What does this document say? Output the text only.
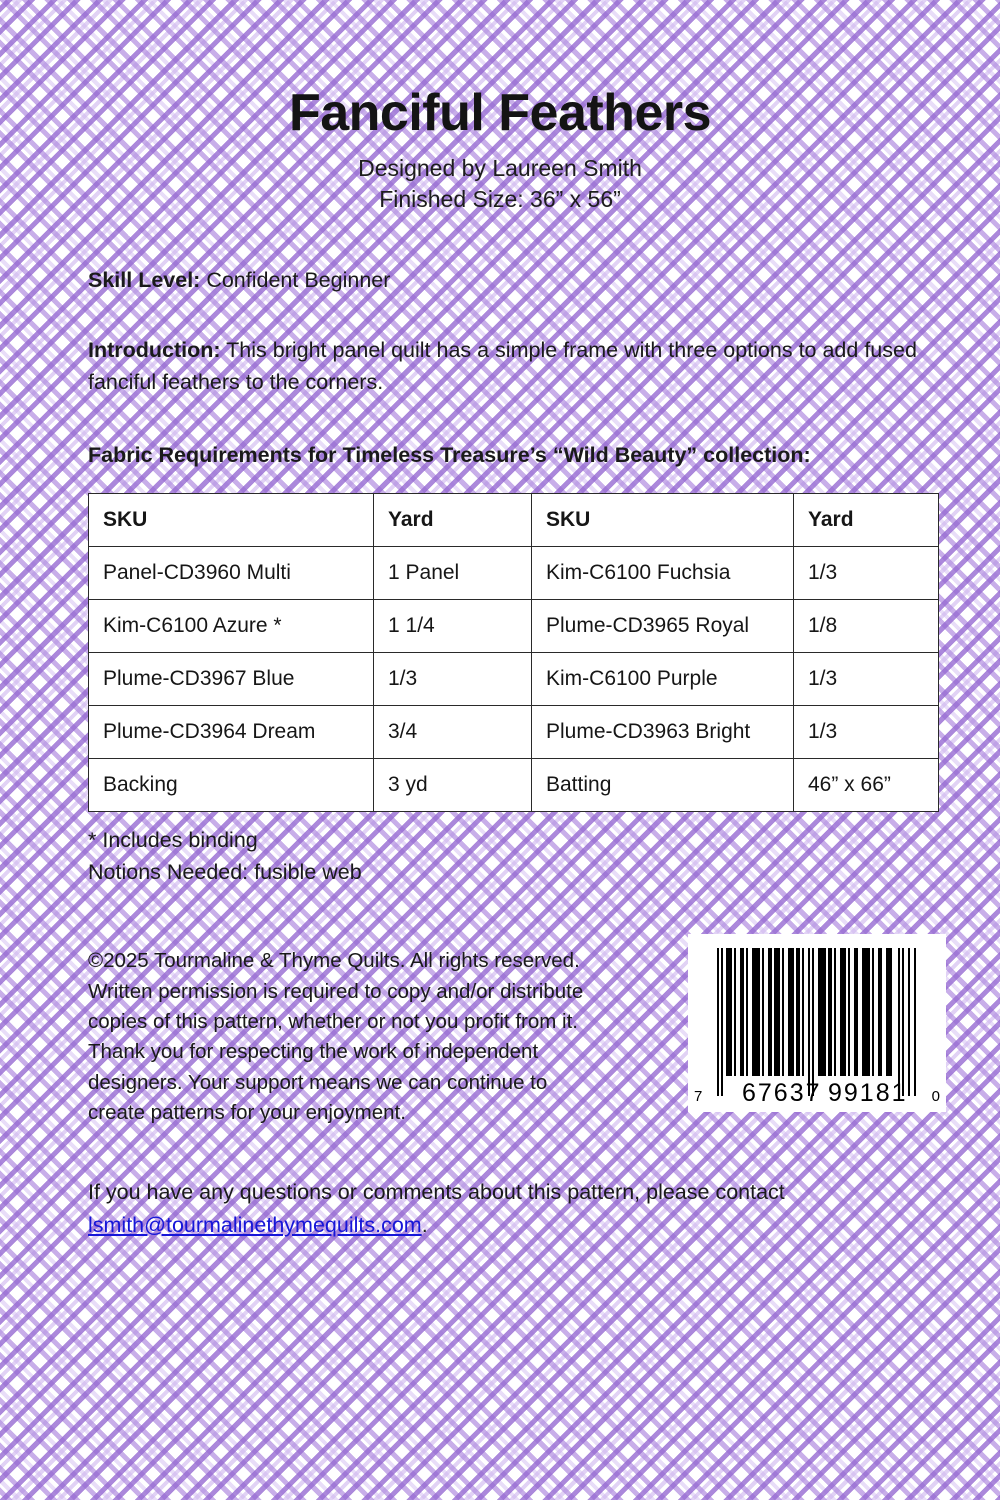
Fanciful Feathers

Designed by Laureen Smith

Finished Size: 36” x 56”

Skill Level: Confident Beginner

Introduction: This bright panel quilt has a simple frame with three options to add fused fanciful feathers to the corners.

Fabric Requirements for Timeless Treasure’s “Wild Beauty” collection:

SKU	Yard	SKU	Yard
Panel-CD3960 Multi	1 Panel	Kim-C6100 Fuchsia	1/3
Kim-C6100 Azure *	1 1/4	Plume-CD3965 Royal	1/8
Plume-CD3967 Blue	1/3	Kim-C6100 Purple	1/3
Plume-CD3964 Dream	3/4	Plume-CD3963 Bright	1/3
Backing	3 yd	Batting	46” x 66”

* Includes binding

Notions Needed: fusible web

©2025 Tourmaline & Thyme Quilts. All rights reserved.

Written permission is required to copy and/or distribute

copies of this pattern, whether or not you profit from it.

Thank you for respecting the work of independent

designers. Your support means we can continue to

create patterns for your enjoyment.

7 67637 99181 0

If you have any questions or comments about this pattern, please contact

lsmith@tourmalinethymequilts.com.
